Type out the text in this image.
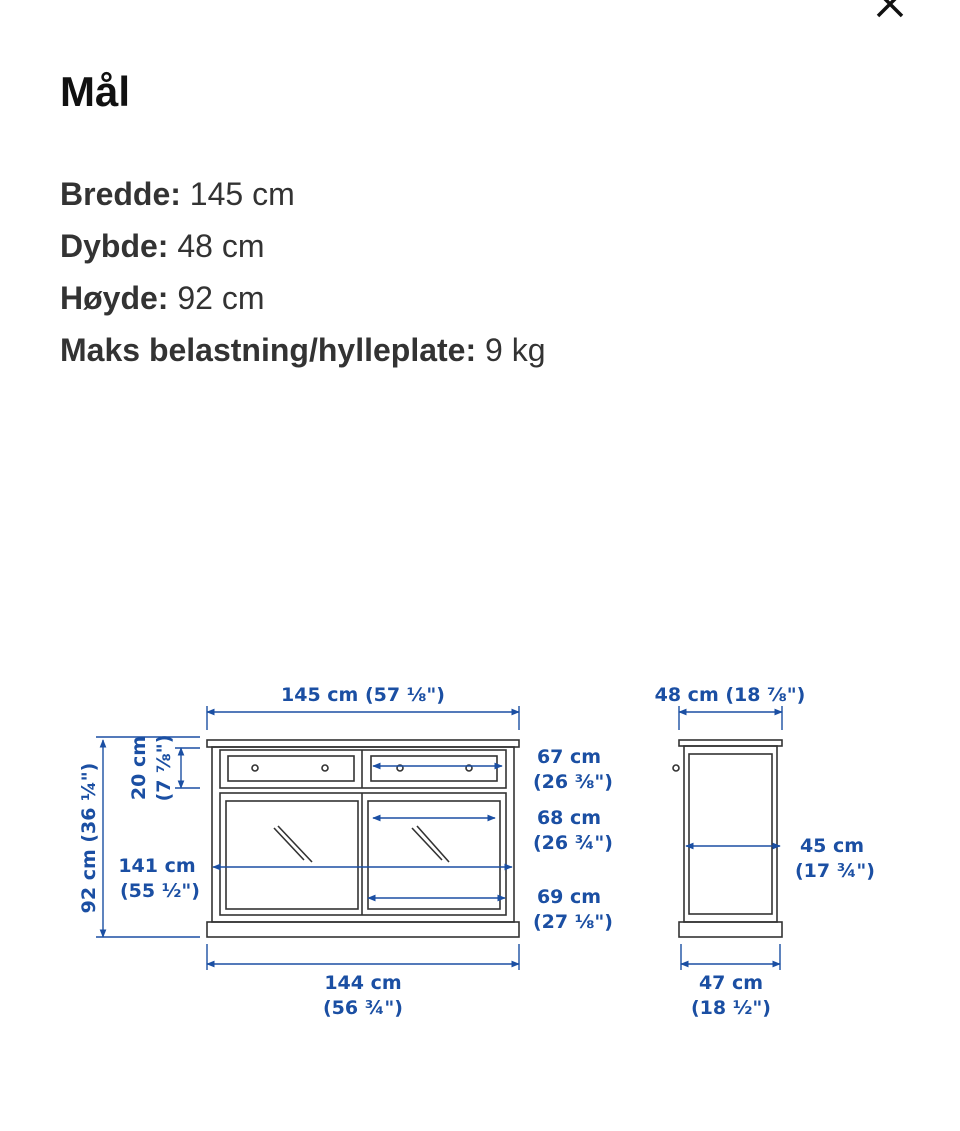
Mål
Bredde: 145 cm
Dybde: 48 cm
Høyde: 92 cm
Maks belastning/hylleplate: 9 kg
145 cm (57 ⅛")
92 cm (36 ¼") 20 cm (7 ⅞")
141 cm
(55 ½")
67 cm
(26 ⅜")
68 cm
(26 ¾")
69 cm
(27 ⅛")
144 cm
(56 ¾")
48 cm (18 ⅞")
45 cm
(17 ¾")
47 cm
(18 ½")
